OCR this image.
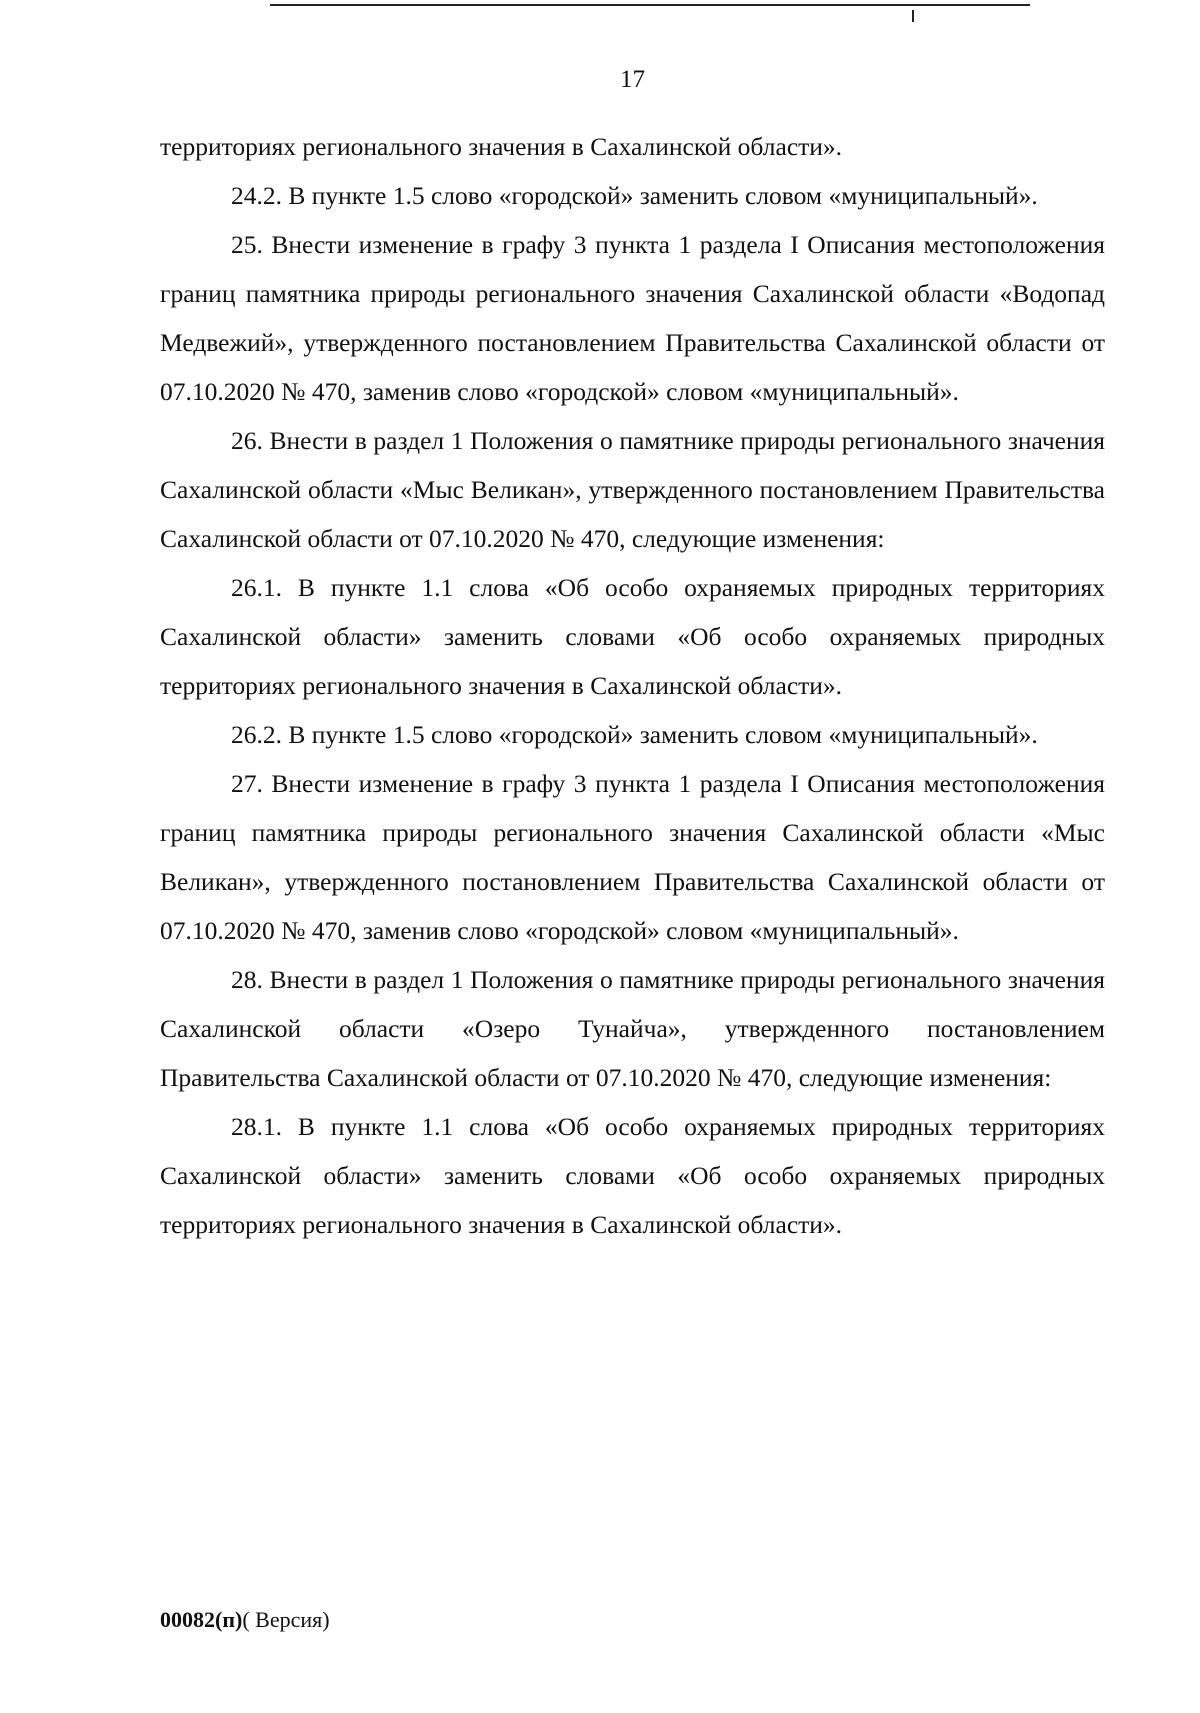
17

территориях регионального значения в Сахалинской области».

24.2. В пункте 1.5 слово «городской» заменить словом «муниципальный».

25. Внести изменение в графу 3 пункта 1 раздела I Описания местоположения границ памятника природы регионального значения Сахалинской области «Водопад Медвежий», утвержденного постановлением Правительства Сахалинской области от 07.10.2020 № 470, заменив слово «городской» словом «муниципальный».

26. Внести в раздел 1 Положения о памятнике природы регионального значения Сахалинской области «Мыс Великан», утвержденного постановлением Правительства Сахалинской области от 07.10.2020 № 470, следующие изменения:

26.1. В пункте 1.1 слова «Об особо охраняемых природных территориях Сахалинской области» заменить словами «Об особо охраняемых природных территориях регионального значения в Сахалинской области».

26.2. В пункте 1.5 слово «городской» заменить словом «муниципальный».

27. Внести изменение в графу 3 пункта 1 раздела I Описания местоположения границ памятника природы регионального значения Сахалинской области «Мыс Великан», утвержденного постановлением Правительства Сахалинской области от 07.10.2020 № 470, заменив слово «городской» словом «муниципальный».

28. Внести в раздел 1 Положения о памятнике природы регионального значения Сахалинской области «Озеро Тунайча», утвержденного постановлением Правительства Сахалинской области от 07.10.2020 № 470, следующие изменения:

28.1. В пункте 1.1 слова «Об особо охраняемых природных территориях Сахалинской области» заменить словами «Об особо охраняемых природных территориях регионального значения в Сахалинской области».

00082(п)( Версия)
